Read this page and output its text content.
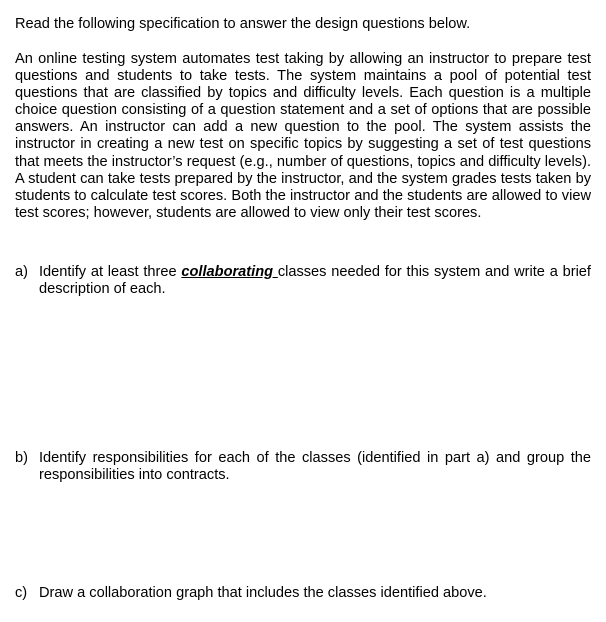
Read the following specification to answer the design questions below.

An online testing system automates test taking by allowing an instructor to prepare test questions and students to take tests. The system maintains a pool of potential test questions that are classified by topics and difficulty levels. Each question is a multiple choice question consisting of a question statement and a set of options that are possible answers. An instructor can add a new question to the pool. The system assists the instructor in creating a new test on specific topics by suggesting a set of test questions that meets the instructor’s request (e.g., number of questions, topics and difficulty levels). A student can take tests prepared by the instructor, and the system grades tests taken by students to calculate test scores. Both the instructor and the students are allowed to view test scores; however, students are allowed to view only their test scores.

a) Identify at least three collaborating classes needed for this system and write a brief description of each.
b) Identify responsibilities for each of the classes (identified in part a) and group the responsibilities into contracts.
c) Draw a collaboration graph that includes the classes identified above.
